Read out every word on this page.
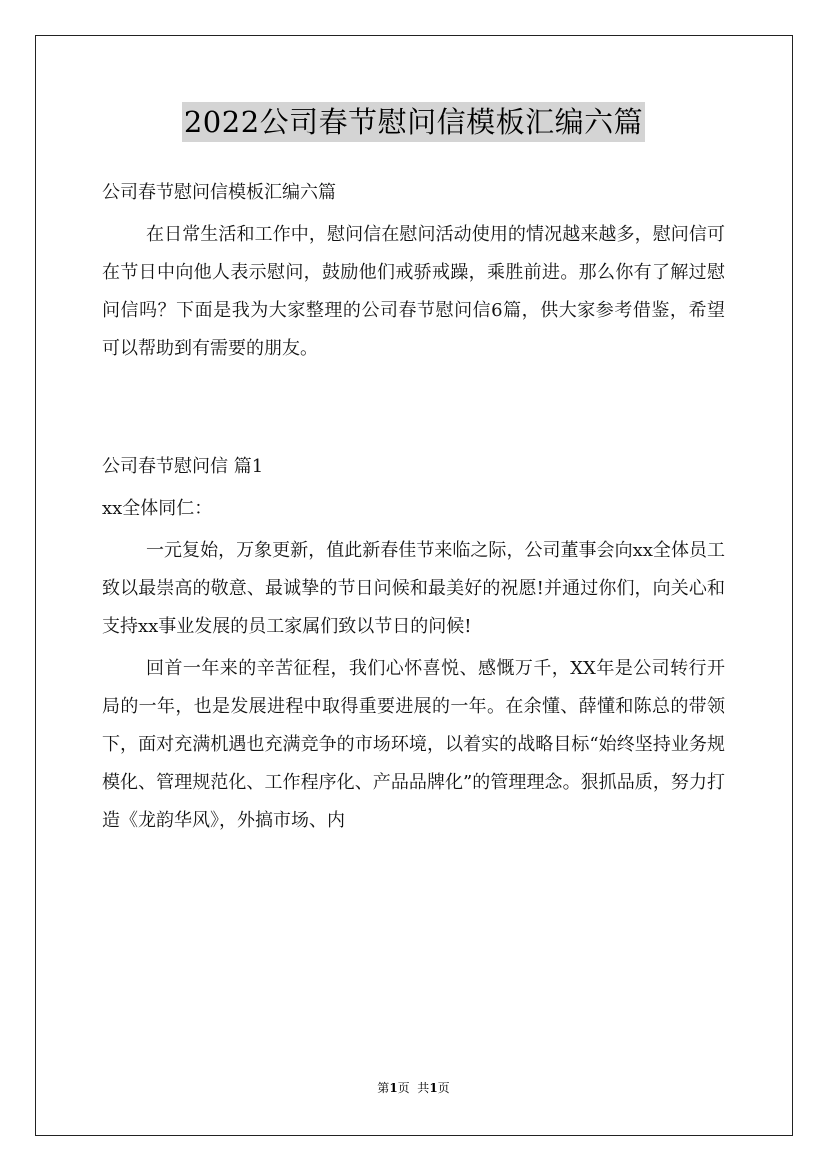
2022公司春节慰问信模板汇编六篇

公司春节慰问信模板汇编六篇

在日常生活和工作中，慰问信在慰问活动使用的情况越来越多，慰问信可在节日中向他人表示慰问，鼓励他们戒骄戒躁，乘胜前进。那么你有了解过慰问信吗？下面是我为大家整理的公司春节慰问信6篇，供大家参考借鉴，希望可以帮助到有需要的朋友。

公司春节慰问信 篇1

xx全体同仁：

一元复始，万象更新，值此新春佳节来临之际，公司董事会向xx全体员工致以最崇高的敬意、最诚挚的节日问候和最美好的祝愿!并通过你们，向关心和支持xx事业发展的员工家属们致以节日的问候!

回首一年来的辛苦征程，我们心怀喜悦、感慨万千，XX年是公司转行开局的一年，也是发展进程中取得重要进展的一年。在余懂、薛懂和陈总的带领下，面对充满机遇也充满竞争的市场环境，以着实的战略目标“始终坚持业务规模化、管理规范化、工作程序化、产品品牌化”的管理理念。狠抓品质，努力打造《龙韵华风》，外搞市场、内

第1页  共1页
